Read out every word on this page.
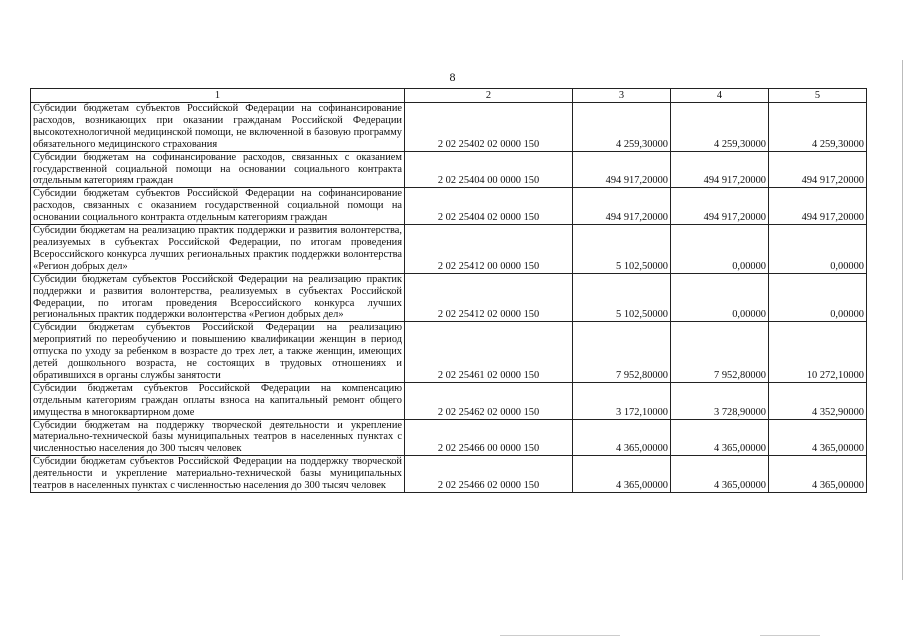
8
1	2	3	4	5
Субсидии бюджетам субъектов Российской Федерации на софинансирование расходов, возникающих при оказании гражданам Российской Федерации высокотехнологичной медицинской помощи, не включенной в базовую программу обязательного медицинского страхования	2 02 25402 02 0000 150	4 259,30000	4 259,30000	4 259,30000
Субсидии бюджетам на софинансирование расходов, связанных с оказанием государственной социальной помощи на основании социального контракта отдельным категориям граждан	2 02 25404 00 0000 150	494 917,20000	494 917,20000	494 917,20000
Субсидии бюджетам субъектов Российской Федерации на софинансирование расходов, связанных с оказанием государственной социальной помощи на основании социального контракта отдельным категориям граждан	2 02 25404 02 0000 150	494 917,20000	494 917,20000	494 917,20000
Субсидии бюджетам на реализацию практик поддержки и развития волонтерства, реализуемых в субъектах Российской Федерации, по итогам проведения Всероссийского конкурса лучших региональных практик поддержки волонтерства «Регион добрых дел»	2 02 25412 00 0000 150	5 102,50000	0,00000	0,00000
Субсидии бюджетам субъектов Российской Федерации на реализацию практик поддержки и развития волонтерства, реализуемых в субъектах Российской Федерации, по итогам проведения Всероссийского конкурса лучших региональных практик поддержки волонтерства «Регион добрых дел»	2 02 25412 02 0000 150	5 102,50000	0,00000	0,00000
Субсидии бюджетам субъектов Российской Федерации на реализацию мероприятий по переобучению и повышению квалификации женщин в период отпуска по уходу за ребенком в возрасте до трех лет, а также женщин, имеющих детей дошкольного возраста, не состоящих в трудовых отношениях и обратившихся в органы службы занятости	2 02 25461 02 0000 150	7 952,80000	7 952,80000	10 272,10000
Субсидии бюджетам субъектов Российской Федерации на компенсацию отдельным категориям граждан оплаты взноса на капитальный ремонт общего имущества в многоквартирном доме	2 02 25462 02 0000 150	3 172,10000	3 728,90000	4 352,90000
Субсидии бюджетам на поддержку творческой деятельности и укрепление материально-технической базы муниципальных театров в населенных пунктах с численностью населения до 300 тысяч человек	2 02 25466 00 0000 150	4 365,00000	4 365,00000	4 365,00000
Субсидии бюджетам субъектов Российской Федерации на поддержку творческой деятельности и укрепление материально-технической базы муниципальных театров в населенных пунктах с численностью населения до 300 тысяч человек	2 02 25466 02 0000 150	4 365,00000	4 365,00000	4 365,00000
